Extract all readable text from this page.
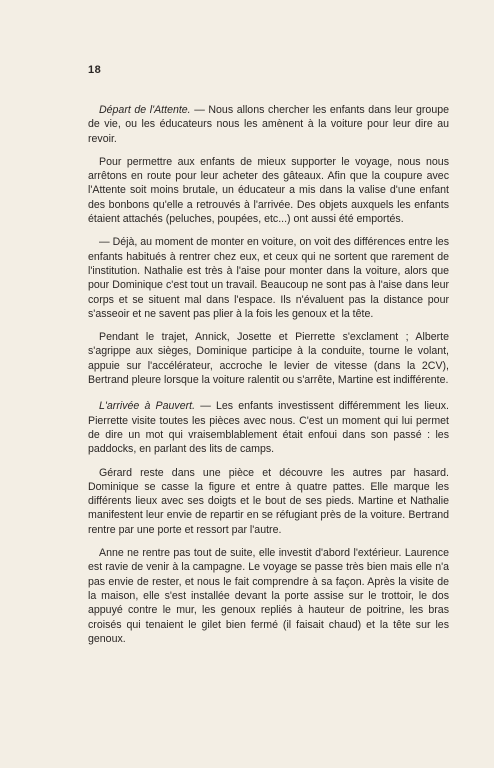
18

Départ de l'Attente. — Nous allons chercher les enfants dans leur groupe de vie, ou les éducateurs nous les amènent à la voiture pour leur dire au revoir.

Pour permettre aux enfants de mieux supporter le voyage, nous nous arrêtons en route pour leur acheter des gâteaux. Afin que la coupure avec l'Attente soit moins brutale, un éducateur a mis dans la valise d'une enfant des bonbons qu'elle a retrouvés à l'arrivée. Des objets auxquels les enfants étaient attachés (peluches, poupées, etc...) ont aussi été emportés.

— Déjà, au moment de monter en voiture, on voit des différences entre les enfants habitués à rentrer chez eux, et ceux qui ne sortent que rarement de l'institution. Nathalie est très à l'aise pour monter dans la voiture, alors que pour Dominique c'est tout un travail. Beaucoup ne sont pas à l'aise dans leur corps et se situent mal dans l'espace. Ils n'évaluent pas la distance pour s'asseoir et ne savent pas plier à la fois les genoux et la tête.

Pendant le trajet, Annick, Josette et Pierrette s'exclament ; Alberte s'agrippe aux sièges, Dominique participe à la conduite, tourne le volant, appuie sur l'accélérateur, accroche le levier de vitesse (dans la 2CV), Bertrand pleure lorsque la voiture ralentit ou s'arrête, Martine est indifférente.

L'arrivée à Pauvert. — Les enfants investissent différemment les lieux. Pierrette visite toutes les pièces avec nous. C'est un moment qui lui permet de dire un mot qui vraisemblablement était enfoui dans son passé : les paddocks, en parlant des lits de camps.

Gérard reste dans une pièce et découvre les autres par hasard. Dominique se casse la figure et entre à quatre pattes. Elle marque les différents lieux avec ses doigts et le bout de ses pieds. Martine et Nathalie manifestent leur envie de repartir en se réfugiant près de la voiture. Bertrand rentre par une porte et ressort par l'autre.

Anne ne rentre pas tout de suite, elle investit d'abord l'extérieur. Laurence est ravie de venir à la campagne. Le voyage se passe très bien mais elle n'a pas envie de rester, et nous le fait comprendre à sa façon. Après la visite de la maison, elle s'est installée devant la porte assise sur le trottoir, le dos appuyé contre le mur, les genoux repliés à hauteur de poitrine, les bras croisés qui tenaient le gilet bien fermé (il faisait chaud) et la tête sur les genoux.
